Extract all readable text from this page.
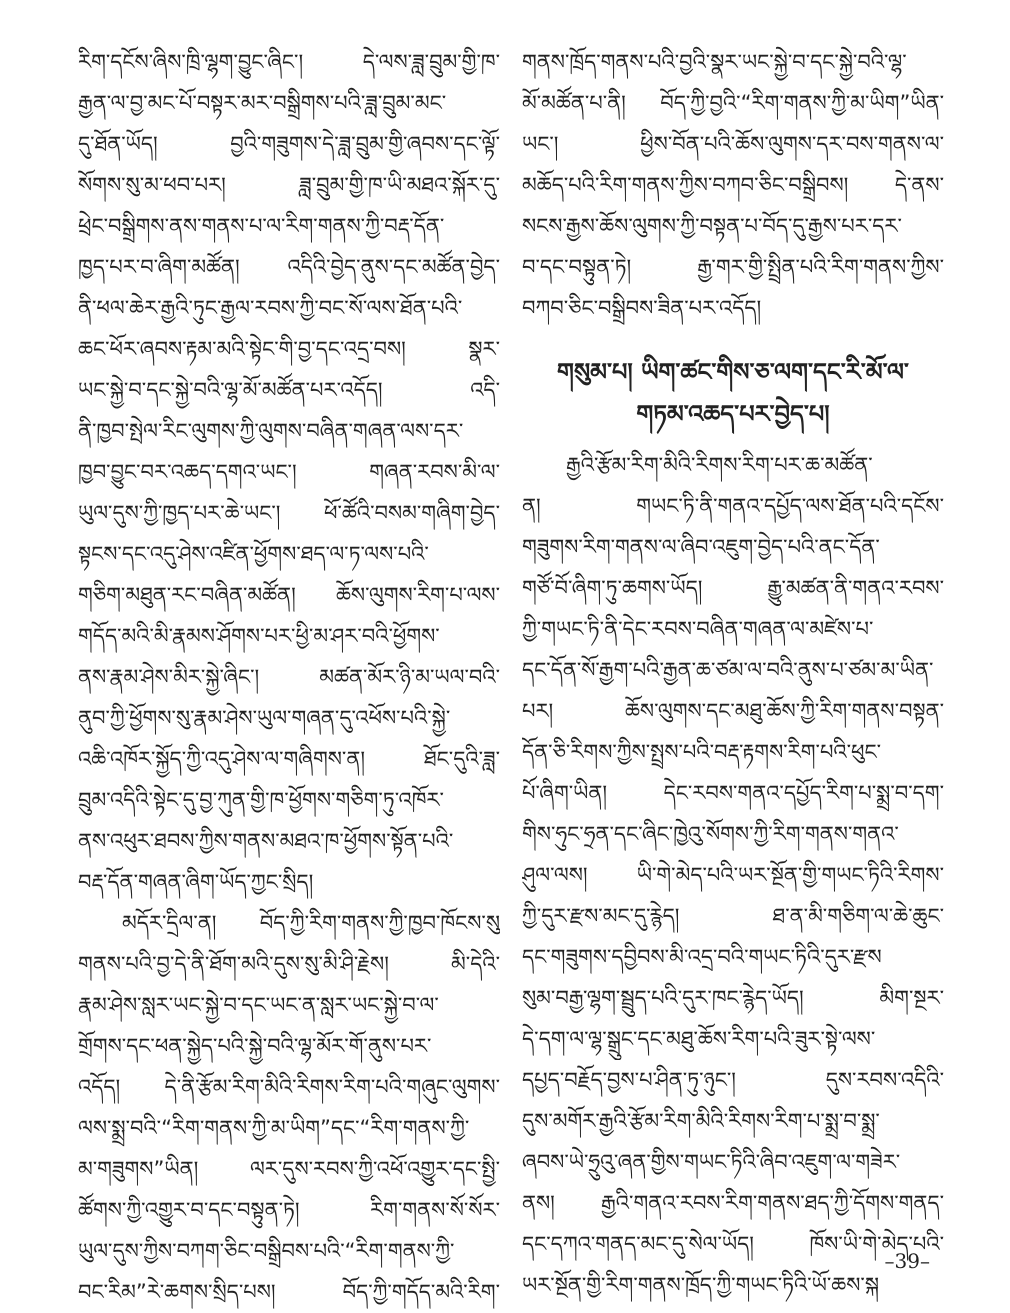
རིག་དངོས་ཞིས་ཁྲི་ལྷག་བྱུང་ཞིང་། དེ་ལས་ཟླ་བྲུམ་གྱི་ཁ་
རྒྱན་ལ་བྱ་མང་པོ་བསྟར་མར་བསྒྲིགས་པའི་ཟླ་བྲུམ་མང་
དུ་ཐོན་ཡོད། བྱའི་གཟུགས་དེ་ཟླ་བྲུམ་གྱི་ཞབས་དང་ལྟོ་
སོགས་སུ་མ་ཕབ་པར། ཟླ་བྲུམ་གྱི་ཁ་ཡི་མཐའ་སྐོར་དུ་
ཕྲེང་བསྒྲིགས་ནས་གནས་པ་ལ་རིག་གནས་ཀྱི་བརྡ་དོན་
ཁྱད་པར་བ་ཞིག་མཚོན། འདིའི་བྱེད་ནུས་དང་མཚོན་བྱེད་
ནི་ཕལ་ཆེར་རྒྱའི་ཏུང་རྒྱལ་རབས་ཀྱི་བང་སོ་ལས་ཐོན་པའི་
ཆང་ཕོར་ཞབས་རྟམ་མའི་སྟེང་གི་བྱ་དང་འདྲ་བས། སྣར་
ཡང་སྐྱེ་བ་དང་སྐྱེ་བའི་ལྷ་མོ་མཚོན་པར་འདོད། འདི་
ནི་ཁྱབ་སྤེལ་རིང་ལུགས་ཀྱི་ལུགས་བཞིན་གཞན་ལས་དར་
ཁྱབ་བྱུང་བར་འཆད་དགའ་ཡང་། གཞན་རབས་མི་ལ་
ཡུལ་དུས་ཀྱི་ཁྱད་པར་ཆེ་ཡང་། ཕོ་ཚོའི་བསམ་གཞིག་བྱེད་
སྟངས་དང་འདུ་ཤེས་འཛིན་ཕྱོགས་ཐད་ལ་ཏ་ལས་པའི་
གཅིག་མཐུན་རང་བཞིན་མཚོན། ཆོས་ལུགས་རིག་པ་ལས་
གདོད་མའི་མི་རྣམས་ཤོགས་པར་ཕྱི་མ་ཤར་བའི་ཕྱོགས་
ནས་རྣམ་ཤེས་མིར་སྐྱེ་ཞིང་། མཚན་མོར་ཉི་མ་ཡལ་བའི་
ནུབ་ཀྱི་ཕྱོགས་སུ་རྣམ་ཤེས་ཡུལ་གཞན་དུ་འཕོས་པའི་སྐྱེ་
འཆི་འཁོར་སྐྱོད་ཀྱི་འདུ་ཤེས་ལ་གཞིགས་ན། ཐོང་དུའི་ཟླ་
བྲུམ་འདིའི་སྟེང་དུ་བྱ་ཀུན་གྱི་ཁ་ཕྱོགས་གཅིག་ཏུ་འཁོར་
ནས་འཕུར་ཐབས་ཀྱིས་གནས་མཐའ་ཁ་ཕྱོགས་སྟོན་པའི་
བརྡ་དོན་གཞན་ཞིག་ཡོད་ཀྱང་སྲིད།
མདོར་དྲིལ་ན། བོད་ཀྱི་རིག་གནས་ཀྱི་ཁྱབ་ཁོངས་སུ
གནས་པའི་བྱ་དེ་ནི་ཐོག་མའི་དུས་སུ་མི་ཤི་རྗེས། མི་དེའི་
རྣམ་ཤེས་སླར་ཡང་སྐྱེ་བ་དང་ཡང་ན་སླར་ཡང་སྐྱེ་བ་ལ་
གྲོགས་དང་ཕན་སྐྱེད་པའི་སྐྱེ་བའི་ལྷ་མོར་གོ་ནུས་པར་
འདོད། དེ་ནི་རྩོམ་རིག་མིའི་རིགས་རིག་པའི་གཞུང་ལུགས་
ལས་སྨྲ་བའི་“རིག་གནས་ཀྱི་མ་ཡིག”དང་“རིག་གནས་ཀྱི་
མ་གཟུགས”ཡིན། ལར་དུས་རབས་ཀྱི་འཕོ་འགྱུར་དང་སྤྱི་
ཚོགས་ཀྱི་འགྱུར་བ་དང་བསྟུན་ཏེ། རིག་གནས་སོ་སོར་
ཡུལ་དུས་ཀྱིས་བཀག་ཅིང་བསྒྲིབས་པའི་“རིག་གནས་ཀྱི་
བང་རིམ”རེ་ཆགས་སྲིད་པས། བོད་ཀྱི་གདོད་མའི་རིག་
གནས་ཁྲོད་གནས་པའི་བྱའི་སྣར་ཡང་སྐྱེ་བ་དང་སྐྱེ་བའི་ལྷ་
མོ་མཚོན་པ་ནི། བོད་ཀྱི་བྱའི་“རིག་གནས་ཀྱི་མ་ཡིག”ཡིན་
ཡང་། ཕྱིས་བོན་པའི་ཆོས་ལུགས་དར་བས་གནས་ལ་
མཆོད་པའི་རིག་གནས་ཀྱིས་བཀབ་ཅིང་བསྒྲིབས། དེ་ནས་
སངས་རྒྱས་ཆོས་ལུགས་ཀྱི་བསྟན་པ་བོད་དུ་རྒྱས་པར་དར་
བ་དང་བསྟུན་ཏེ། རྒྱ་གར་གྱི་སྤྲིན་པའི་རིག་གནས་ཀྱིས་
བཀབ་ཅིང་བསྒྲིབས་ཟིན་པར་འདོད།
གསུམ་པ། ཡིག་ཚང་གིས་ཅ་ལག་དང་རི་མོ་ལ་
གཏམ་འཆད་པར་བྱེད་པ།
རྒྱའི་རྩོམ་རིག་མིའི་རིགས་རིག་པར་ཆ་མཚོན་
ན། གཡང་ཏི་ནི་གནའ་དཔྱོད་ལས་ཐོན་པའི་དངོས་
གཟུགས་རིག་གནས་ལ་ཞིབ་འཇུག་བྱེད་པའི་ནང་དོན་
གཙོ་བོ་ཞིག་ཏུ་ཆགས་ཡོད། རྒྱུ་མཚན་ནི་གནའ་རབས་
ཀྱི་གཡང་ཏི་ནི་དེང་རབས་བཞིན་གཞན་ལ་མཛེས་པ་
དང་དོན་སོ་རྒྱག་པའི་རྒྱན་ཆ་ཙམ་ལ་བའི་ནུས་པ་ཙམ་མ་ཡིན་
པར། ཆོས་ལུགས་དང་མཐུ་ཆོས་ཀྱི་རིག་གནས་བསྟན་
དོན་ཅི་རིགས་ཀྱིས་སྤྲས་པའི་བརྡ་རྟགས་རིག་པའི་ཕུང་
པོ་ཞིག་ཡིན། དེང་རབས་གནའ་དཔྱོད་རིག་པ་སྨྲ་བ་དག་
གིས་ཧུང་ཧྲན་དང་ཞིང་ཁྱེའུ་སོགས་ཀྱི་རིག་གནས་གནའ་
ཤུལ་ལས། ཡི་གེ་མེད་པའི་ཡར་སྔོན་གྱི་གཡང་ཏིའི་རིགས་
ཀྱི་དུར་རྫས་མང་དུ་རྙེད། ཐ་ན་མི་གཅིག་ལ་ཆེ་ཆུང་
དང་གཟུགས་དབྱིབས་མི་འདྲ་བའི་གཡང་ཏིའི་དུར་རྫས
སུམ་བརྒྱ་ལྷག་སྦྲུད་པའི་དུར་ཁང་རྙེད་ཡོད། མིག་སྔར་
དེ་དག་ལ་ལྷ་སྒྲུང་དང་མཐུ་ཆོས་རིག་པའི་ཟུར་སྟེ་ལས་
དཔྱད་བརྗོད་བྱས་པ་ཤིན་ཏུ་ཉུང་། དུས་རབས་འདིའི་
དུས་མགོར་རྒྱའི་རྩོམ་རིག་མིའི་རིགས་རིག་པ་སྨྲ་བ་སྨྲ་
ཞབས་ཡེ་ཧྲུའུ་ཞན་གྱིས་གཡང་ཏིའི་ཞིབ་འཇུག་ལ་གཟེར་
ནས། རྒྱའི་གནའ་རབས་རིག་གནས་ཐད་ཀྱི་དོགས་གནད་
དང་དཀའ་གནད་མང་དུ་སེལ་ཡོད། ཁོས་ཡི་གེ་མེད་པའི་
ཡར་སྔོན་གྱི་རིག་གནས་ཁྲོད་ཀྱི་གཡང་ཏིའི་ཡོ་ཆས་སྐ
–39–
